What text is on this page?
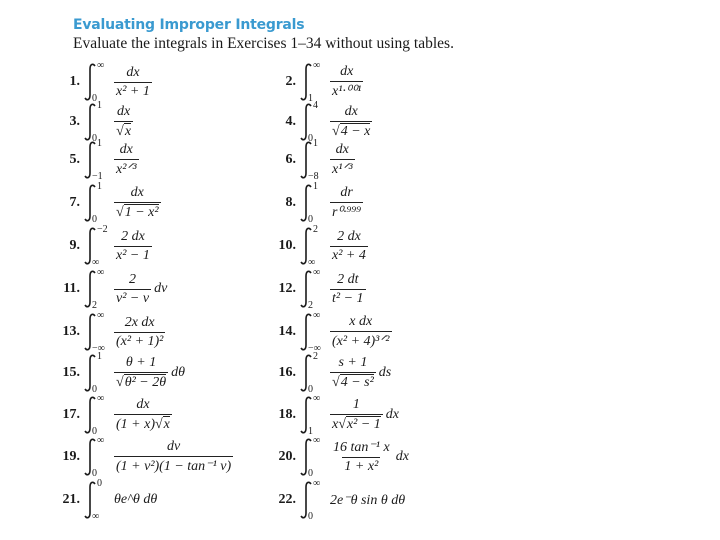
Evaluating Improper Integrals
Evaluate the integrals in Exercises 1–34 without using tables.
1.
∞
$0 \frac{dx}{\text{x² + 1}}$	2.
∞
$1 \frac{dx}{\text{x¹·⁰⁰¹}}$
3.
1
$0 \frac{dx}{√ x}$	4.
4
$0 \frac{dx}{√ 4 - x}$
5.
1
$-1 \frac{dx}{\text{x²ᐟ³}}$	6.
1
$-8 \frac{dx}{\text{x¹ᐟ³}}$
7.
1
$0 \frac{dx}{\text{√ 1 − x²}}$	8.
1
$0 \frac{dr}{\text{r⁰·⁹⁹⁹}}$
9.
−2
∞ $\frac{2 dx}{\text{x² − 1}}$	10.
2
∞ $\frac{2 dx}{\text{x² + 4}}$
11.
∞
$2 \frac{2}{\text{v² − v}}$ dv	12.
∞
$2 \frac{2 dt}{\text{t² − 1}}$
13.
∞
−∞ $\frac{\text{2x dx}}{\text{(x² + 1)²}}$	14.
∞
−∞ $\frac{\text{x dx}}{\text{(x² + 4)³ᐟ²}}$
15.
1
$0 \frac{\theta + 1}{\text{√ θ² − 2θ}}$ dθ	16.
2
$0 \frac{s + 1}{\text{√ 4 − s²}}$ ds
17.
∞
$0 \frac{dx}{(1 + x)√ x}$	18.
∞
$1 \frac{1}{\text{x√ x² − 1}}$ dx
19.
∞
$0 \frac{dv}{\text{(1 + v²)(1 − tan⁻¹ v)}}$	20.
∞
$0 \frac{\text{16 tan⁻¹ x}}{\text{1 + x²}}$ dx
21.
0
∞
θe^θ dθ	22.
∞
0
2e⁻θ sin θ dθ
